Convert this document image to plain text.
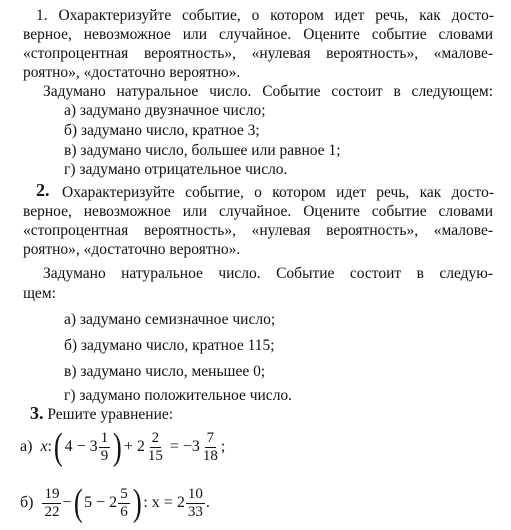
1. Охарактеризуйте событие, о котором идет речь, как досто-
верное, невозможное или случайное. Оцените событие словами
«стопроцентная вероятность», «нулевая вероятность», «малове-
роятно», «достаточно вероятно».
Задумано натуральное число. Событие состоит в следующем:
а) задумано двузначное число;
б) задумано число, кратное 3;
в) задумано число, большее или равное 1;
г) задумано отрицательное число.
2. Охарактеризуйте событие, о котором идет речь, как досто-
верное, невозможное или случайное. Оцените событие словами
«стопроцентная вероятность», «нулевая вероятность», «малове-
роятно», «достаточно вероятно».
Задумано натуральное число. Событие состоит в следую-
щем:
а) задумано семизначное число;
б) задумано число, кратное 115;
в) задумано число, меньшее 0;
г) задумано положительное число.
3. Решите уравнение:
а) x : ( $4 - 3 \frac{1}{9}$ ) + $2 \frac{2}{15} = -3 \frac{7}{18}$ ;
$б) \frac{19}{22}$ − ( $5 - 2 \frac{5}{6}$ ) : $x = 2 \frac{10}{33}$ .
